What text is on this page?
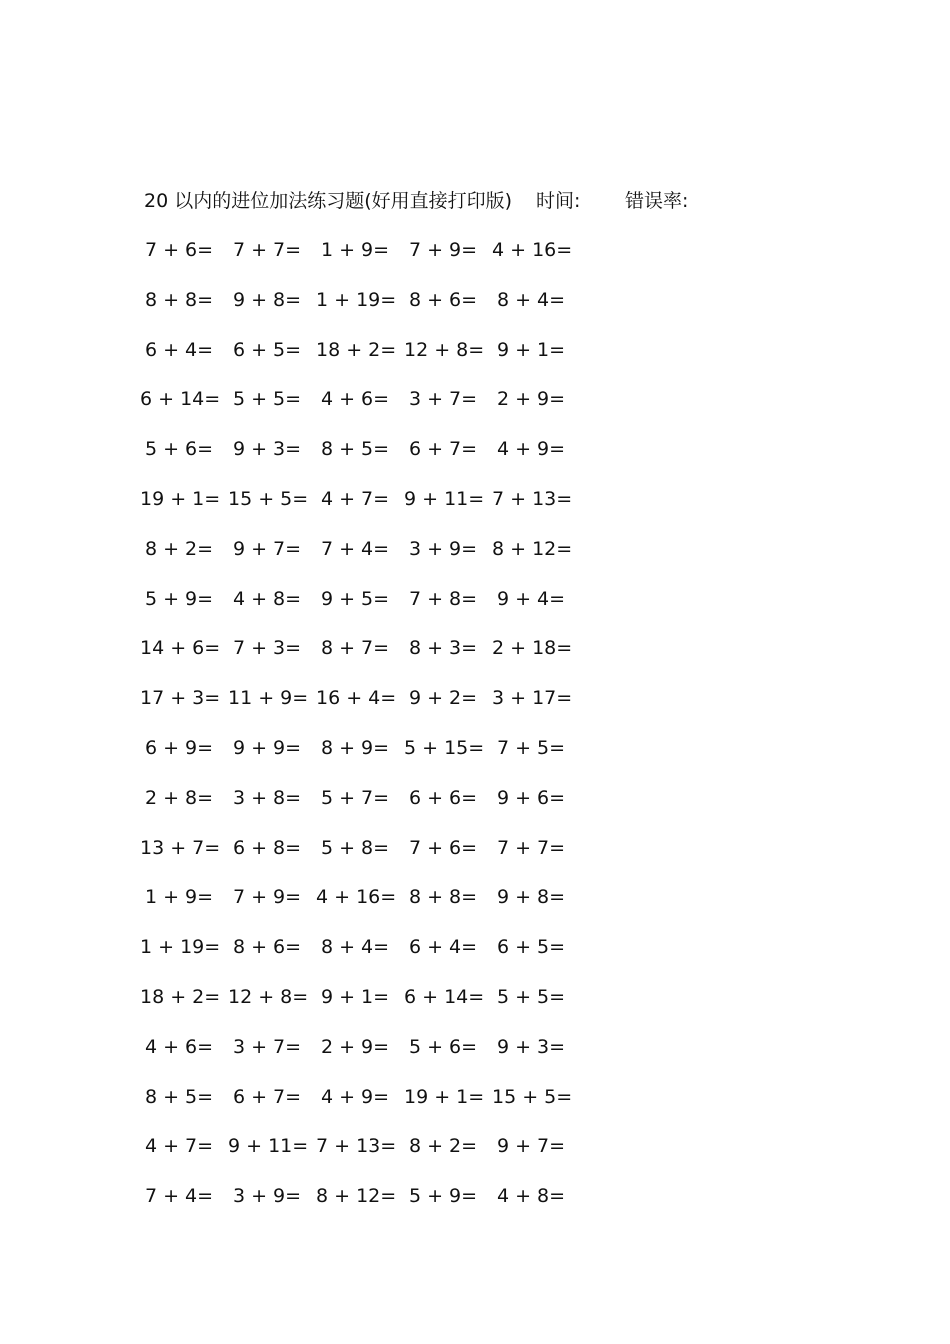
20 以内的进位加法练习题(好用直接打印版) 时间: 错误率:
7 + 6= 7 + 7= 1 + 9= 7 + 9= 4 + 16=
8 + 8= 9 + 8= 1 + 19= 8 + 6= 8 + 4=
6 + 4= 6 + 5= 18 + 2= 12 + 8= 9 + 1=
6 + 14= 5 + 5= 4 + 6= 3 + 7= 2 + 9=
5 + 6= 9 + 3= 8 + 5= 6 + 7= 4 + 9=
19 + 1= 15 + 5= 4 + 7= 9 + 11= 7 + 13=
8 + 2= 9 + 7= 7 + 4= 3 + 9= 8 + 12=
5 + 9= 4 + 8= 9 + 5= 7 + 8= 9 + 4=
14 + 6= 7 + 3= 8 + 7= 8 + 3= 2 + 18=
17 + 3= 11 + 9= 16 + 4= 9 + 2= 3 + 17=
6 + 9= 9 + 9= 8 + 9= 5 + 15= 7 + 5=
2 + 8= 3 + 8= 5 + 7= 6 + 6= 9 + 6=
13 + 7= 6 + 8= 5 + 8= 7 + 6= 7 + 7=
1 + 9= 7 + 9= 4 + 16= 8 + 8= 9 + 8=
1 + 19= 8 + 6= 8 + 4= 6 + 4= 6 + 5=
18 + 2= 12 + 8= 9 + 1= 6 + 14= 5 + 5=
4 + 6= 3 + 7= 2 + 9= 5 + 6= 9 + 3=
8 + 5= 6 + 7= 4 + 9= 19 + 1= 15 + 5=
4 + 7= 9 + 11= 7 + 13= 8 + 2= 9 + 7=
7 + 4= 3 + 9= 8 + 12= 5 + 9= 4 + 8=
